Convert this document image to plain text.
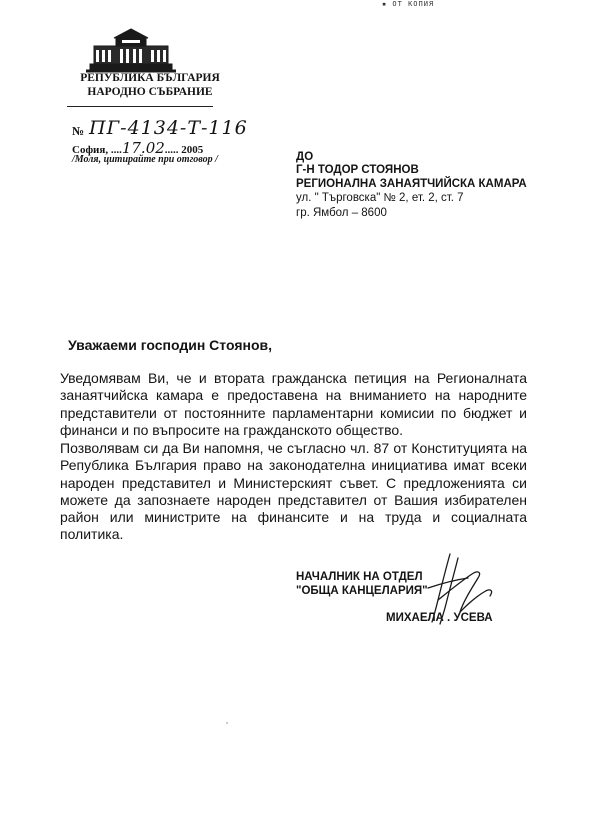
▪ ОТ КОПИЯ
РЕПУБЛИКА БЪЛГАРИЯ
НАРОДНО СЪБРАНИЕ
№ ПГ-4134-Т-116
София, ....17.02..... 2005
/Моля, цитирайте при отговор /	ДО
Г-Н ТОДОР СТОЯНОВ
РЕГИОНАЛНА ЗАНАЯТЧИЙСКА КАМАРА
ул. " Търговска" № 2, ет. 2, ст. 7
гр. Ямбол – 8600
Уважаеми господин Стоянов,
Уведомявам Ви, че и втората гражданска петиция на Регионалната занаятчийска камара е предоставена на вниманието на народните представители от постоянните парламентарни комисии по бюджет и финанси и по въпросите на гражданското общество.
Позволявам си да Ви напомня, че съгласно чл. 87 от Конституцията на Република България право на законодателна инициатива имат всеки народен представител и Министерският съвет. С предложенията си можете да запознаете народен представител от Вашия избирателен район или министрите на финансите и на труда и социалната политика.
НАЧАЛНИК НА ОТДЕЛ
"ОБЩА КАНЦЕЛАРИЯ"
МИХАЕЛА . УСЕВА
ʼ
